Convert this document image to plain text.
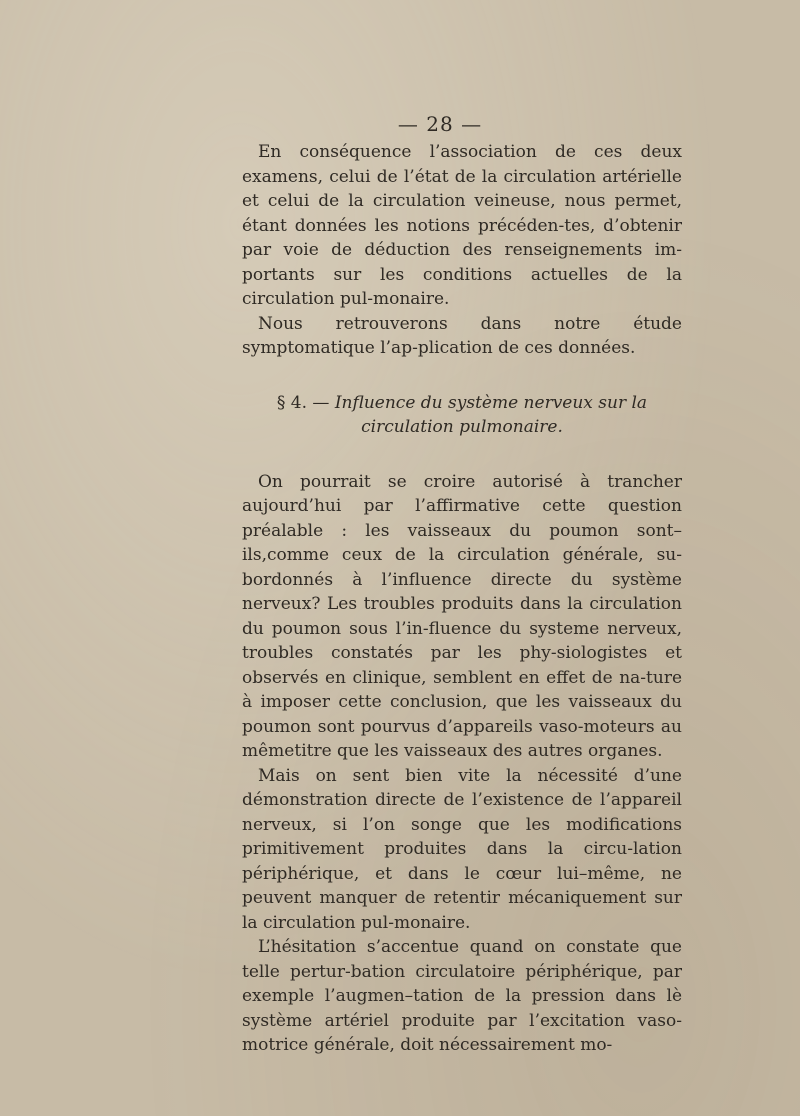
— 28 —

En conséquence l’association de ces deux examens, celui de l’état de la circulation artérielle et celui de la circulation veineuse, nous permet, étant données les notions précéden-tes, d’obtenir par voie de déduction des renseignements im-portants sur les conditions actuelles de la circulation pul-monaire.

Nous retrouverons dans notre étude symptomatique l’ap-plication de ces données.

§ 4. — Influence du système nerveux sur la circulation pulmonaire.

On pourrait se croire autorisé à trancher aujourd’hui par l’affirmative cette question préalable : les vaisseaux du poumon sont–ils,comme ceux de la circulation générale, su-bordonnés à l’influence directe du système nerveux? Les troubles produits dans la circulation du poumon sous l’in-fluence du systeme nerveux, troubles constatés par les phy-siologistes et observés en clinique, semblent en effet de na-ture à imposer cette conclusion, que les vaisseaux du poumon sont pourvus d’appareils vaso-moteurs au mêmetitre que les vaisseaux des autres organes.

Mais on sent bien vite la nécessité d’une démonstration directe de l’existence de l’appareil nerveux, si l’on songe que les modifications primitivement produites dans la circu-lation périphérique, et dans le cœur lui–même, ne peuvent manquer de retentir mécaniquement sur la circulation pul-monaire.

L’hésitation s’accentue quand on constate que telle pertur-bation circulatoire périphérique, par exemple l’augmen–tation de la pression dans lè système artériel produite par l’excitation vaso-motrice générale, doit nécessairement mo-
